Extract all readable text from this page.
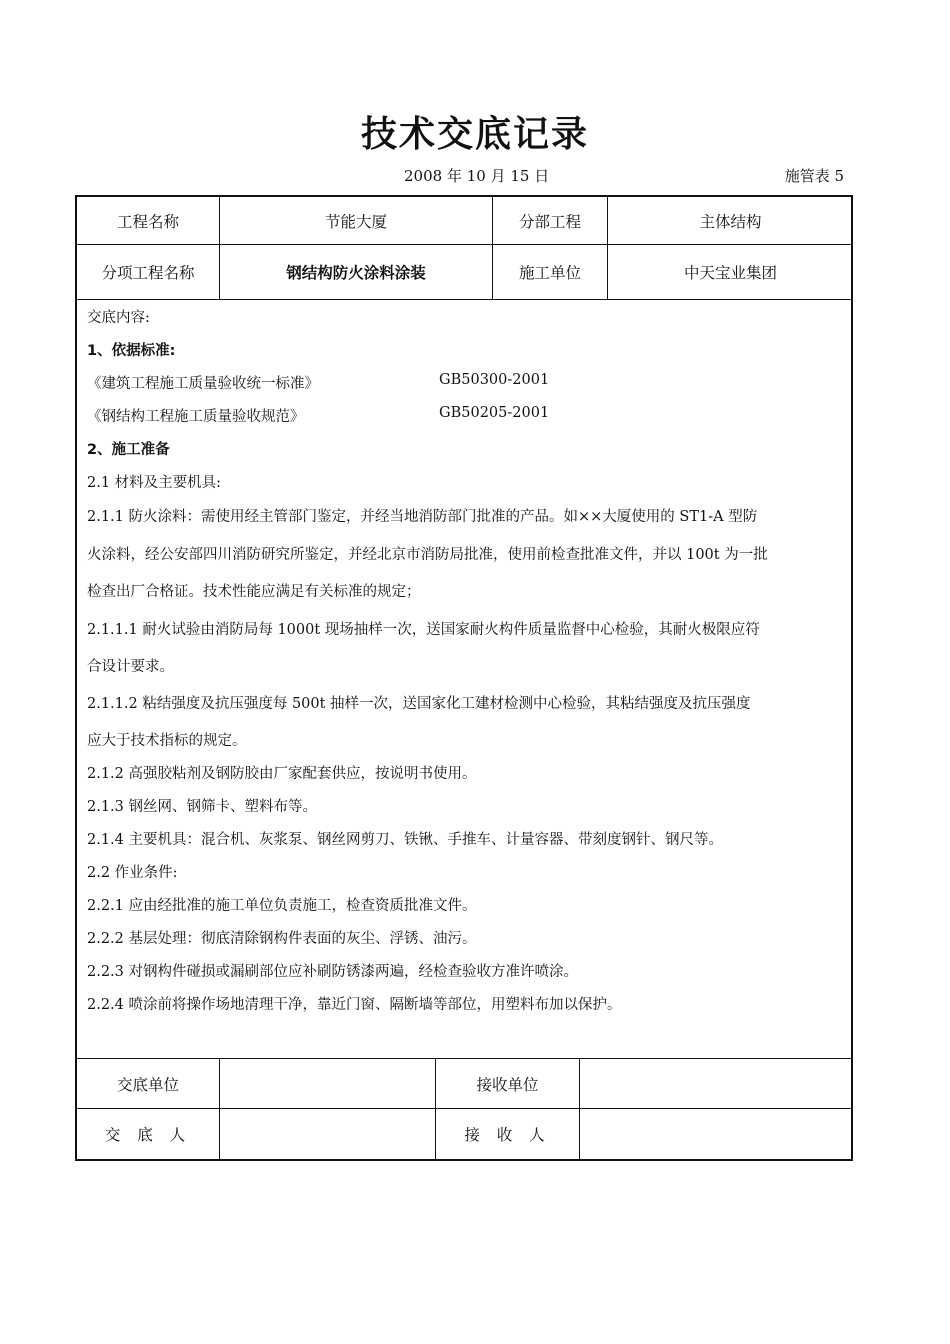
技术交底记录
2008 年 10 月 15 日	施管表 5
工程名称	节能大厦	分部工程	主体结构
分项工程名称	钢结构防火涂料涂装	施工单位	中天宝业集团
交底内容:
1、依据标准:
《建筑工程施工质量验收统一标准》	GB50300-2001
《钢结构工程施工质量验收规范》	GB50205-2001
2、施工准备
2.1 材料及主要机具:
2.1.1 防火涂料：需使用经主管部门鉴定，并经当地消防部门批准的产品。如××大厦使用的 ST1-A 型防
火涂料，经公安部四川消防研究所鉴定，并经北京市消防局批准，使用前检查批准文件，并以 100t 为一批
检查出厂合格证。技术性能应满足有关标准的规定；
2.1.1.1 耐火试验由消防局每 1000t 现场抽样一次，送国家耐火构件质量监督中心检验，其耐火极限应符
合设计要求。
2.1.1.2 粘结强度及抗压强度每 500t 抽样一次，送国家化工建材检测中心检验，其粘结强度及抗压强度
应大于技术指标的规定。
2.1.2 高强胶粘剂及钢防胶由厂家配套供应，按说明书使用。
2.1.3 钢丝网、钢筛卡、塑料布等。
2.1.4 主要机具：混合机、灰浆泵、钢丝网剪刀、铁锹、手推车、计量容器、带刻度钢针、钢尺等。
2.2 作业条件:
2.2.1 应由经批准的施工单位负责施工，检查资质批准文件。
2.2.2 基层处理：彻底清除钢构件表面的灰尘、浮锈、油污。
2.2.3 对钢构件碰损或漏刷部位应补刷防锈漆两遍，经检查验收方准许喷涂。
2.2.4 喷涂前将操作场地清理干净，靠近门窗、隔断墙等部位，用塑料布加以保护。
交底单位	接收单位
交 底 人	接 收 人
